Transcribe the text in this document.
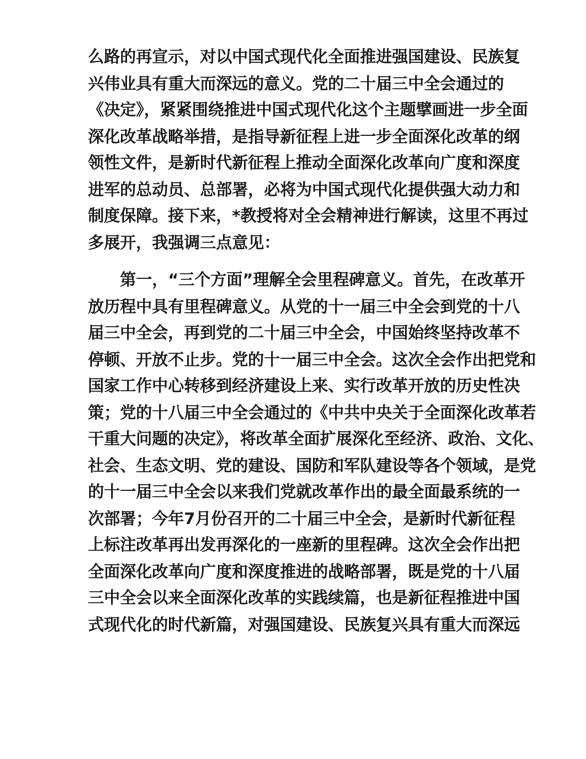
么路的再宣示，对以中国式现代化全面推进强国建设、民族复
兴伟业具有重大而深远的意义。党的二十届三中全会通过的
《决定》，紧紧围绕推进中国式现代化这个主题擘画进一步全面
深化改革战略举措，是指导新征程上进一步全面深化改革的纲
领性文件，是新时代新征程上推动全面深化改革向广度和深度
进军的总动员、总部署，必将为中国式现代化提供强大动力和
制度保障。接下来，*教授将对全会精神进行解读，这里不再过
多展开，我强调三点意见：
第一，“三个方面”理解全会里程碑意义。首先，在改革开
放历程中具有里程碑意义。从党的十一届三中全会到党的十八
届三中全会，再到党的二十届三中全会，中国始终坚持改革不
停顿、开放不止步。党的十一届三中全会。这次全会作出把党和
国家工作中心转移到经济建设上来、实行改革开放的历史性决
策；党的十八届三中全会通过的《中共中央关于全面深化改革若
干重大问题的决定》，将改革全面扩展深化至经济、政治、文化、
社会、生态文明、党的建设、国防和军队建设等各个领域，是党
的十一届三中全会以来我们党就改革作出的最全面最系统的一
次部署；今年7月份召开的二十届三中全会，是新时代新征程
上标注改革再出发再深化的一座新的里程碑。这次全会作出把
全面深化改革向广度和深度推进的战略部署，既是党的十八届
三中全会以来全面深化改革的实践续篇，也是新征程推进中国
式现代化的时代新篇，对强国建设、民族复兴具有重大而深远
